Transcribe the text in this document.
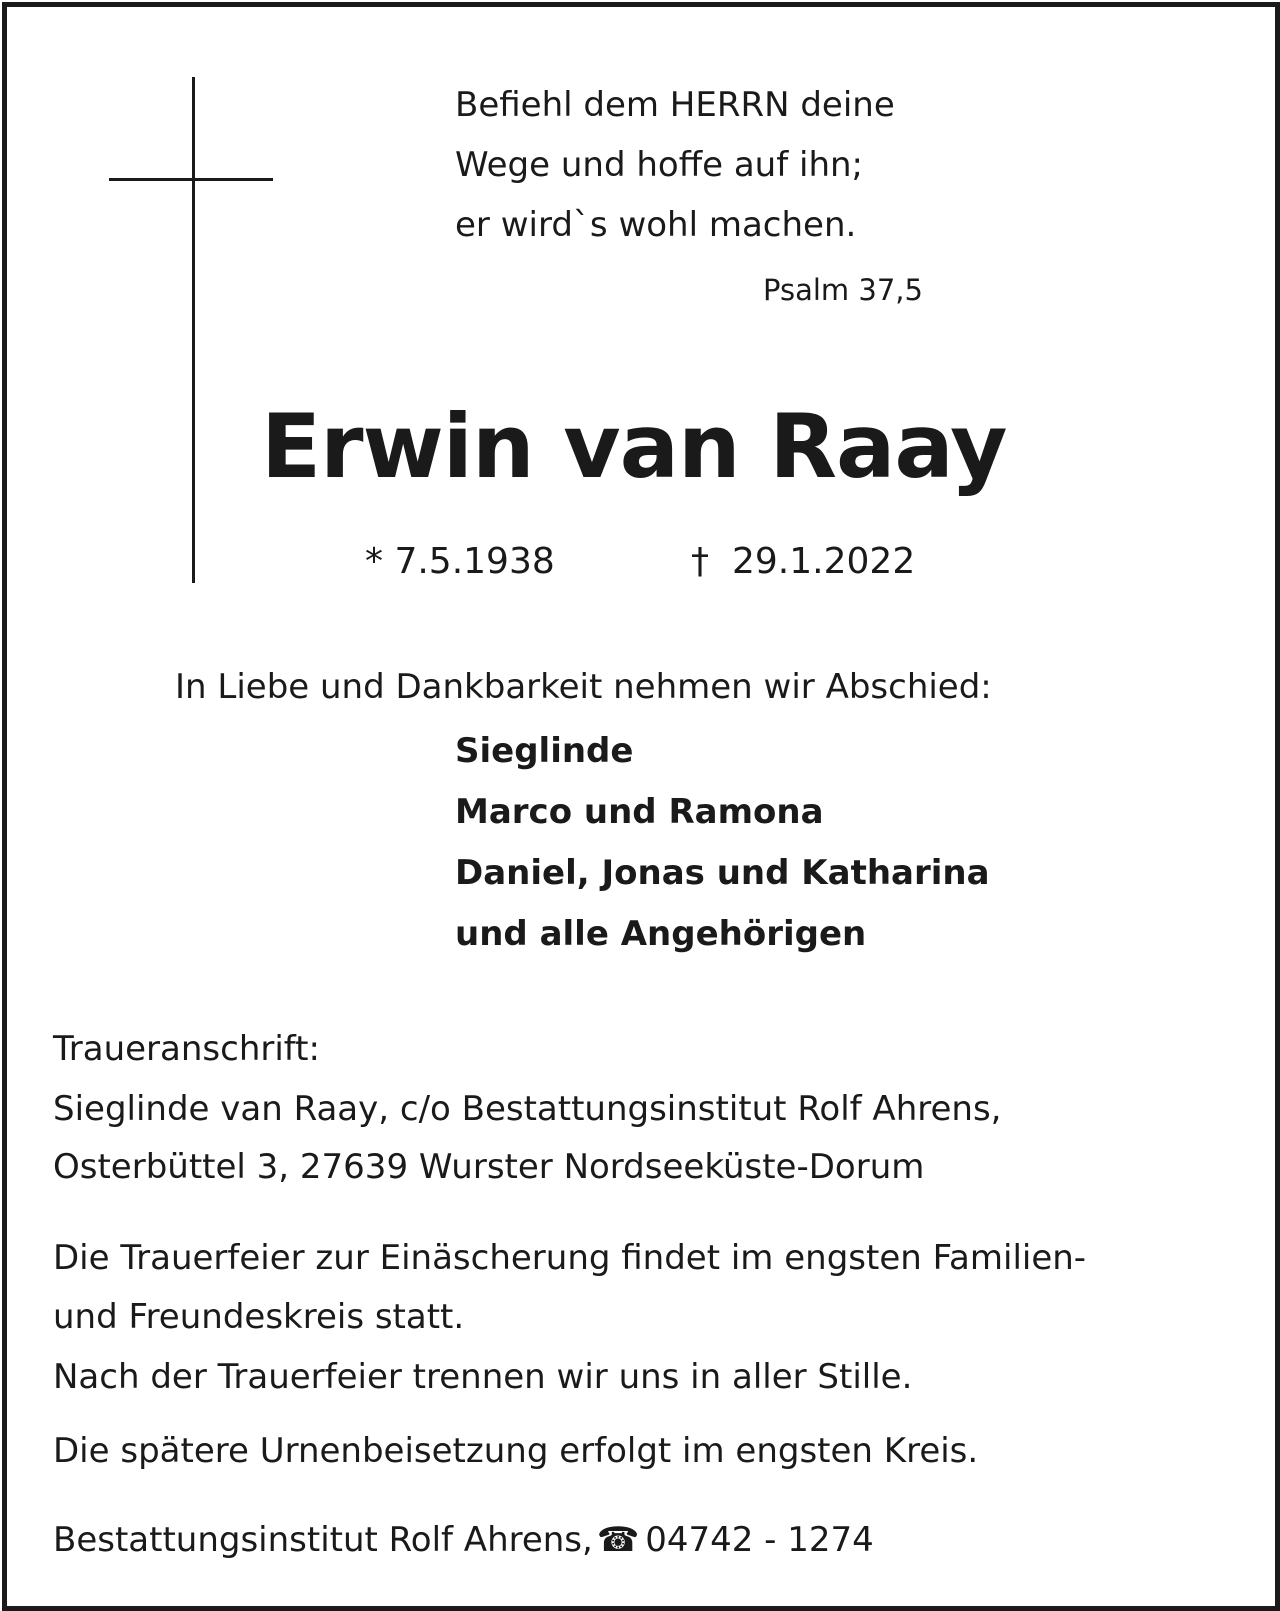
Befiehl dem HERRN deine
Wege und hoffe auf ihn;
er wird`s wohl machen.
Psalm 37,5
Erwin van Raay
* 7.5.1938	† 29.1.2022
In Liebe und Dankbarkeit nehmen wir Abschied:
Sieglinde
Marco und Ramona
Daniel, Jonas und Katharina
und alle Angehörigen
Traueranschrift:
Sieglinde van Raay, c/o Bestattungsinstitut Rolf Ahrens,
Osterbüttel 3, 27639 Wurster Nordseeküste-Dorum
Die Trauerfeier zur Einäscherung findet im engsten Familien-
und Freundeskreis statt.
Nach der Trauerfeier trennen wir uns in aller Stille.
Die spätere Urnenbeisetzung erfolgt im engsten Kreis.
Bestattungsinstitut Rolf Ahrens, ☎ 04742 - 1274
